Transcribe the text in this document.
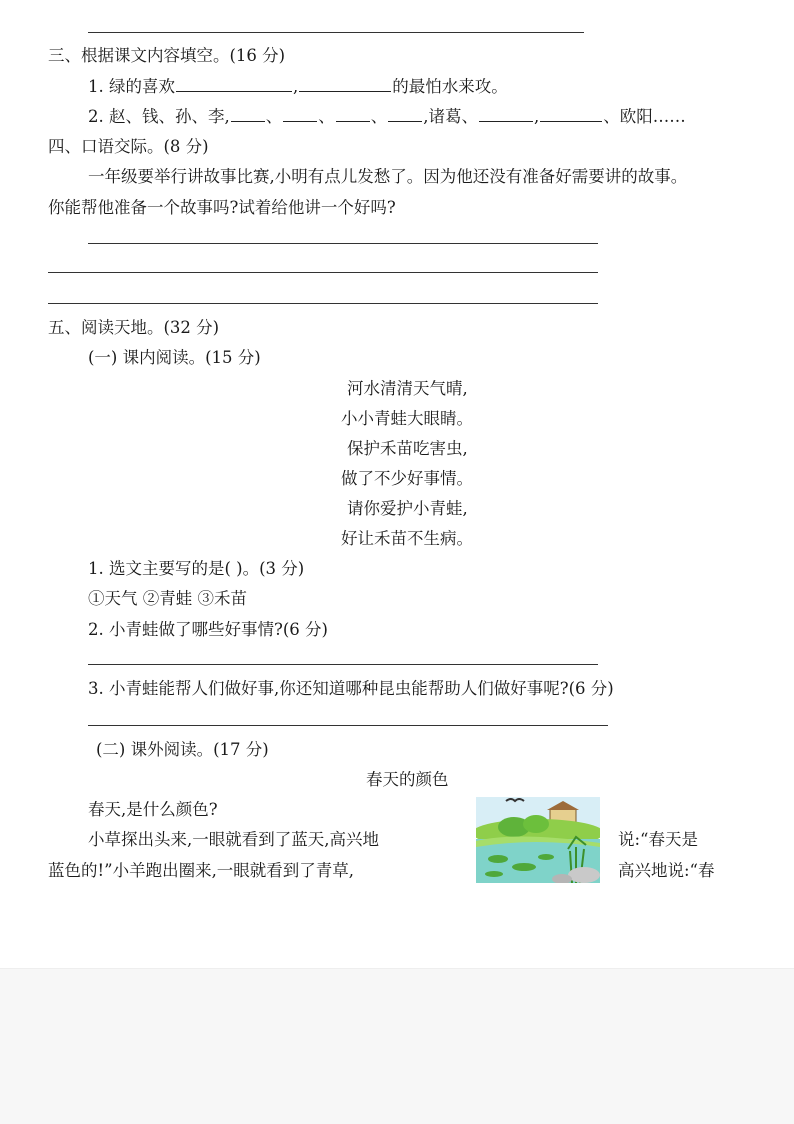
三、根据课文内容填空。(16 分)
1. 绿的喜欢	,	的最怕水来攻。
2. 赵、钱、孙、李, 、 、 、 ,诸葛、	,	、欧阳……
四、口语交际。(8 分)
一年级要举行讲故事比赛,小明有点儿发愁了。因为他还没有准备好需要讲的故事。
你能帮他准备一个故事吗?试着给他讲一个好吗?
五、阅读天地。(32 分)
(一) 课内阅读。(15 分)
河水清清天气晴,
小小青蛙大眼睛。
保护禾苗吃害虫,
做了不少好事情。
请你爱护小青蛙,
好让禾苗不生病。
1. 选文主要写的是( )。(3 分)
①天气 ②青蛙 ③禾苗
2. 小青蛙做了哪些好事情?(6 分)
3. 小青蛙能帮人们做好事,你还知道哪种昆虫能帮助人们做好事呢?(6 分)
(二) 课外阅读。(17 分)
春天的颜色
春天,是什么颜色?
小草探出头来,一眼就看到了蓝天,高兴地	说:“春天是
蓝色的!”小羊跑出圈来,一眼就看到了青草,	高兴地说:“春
